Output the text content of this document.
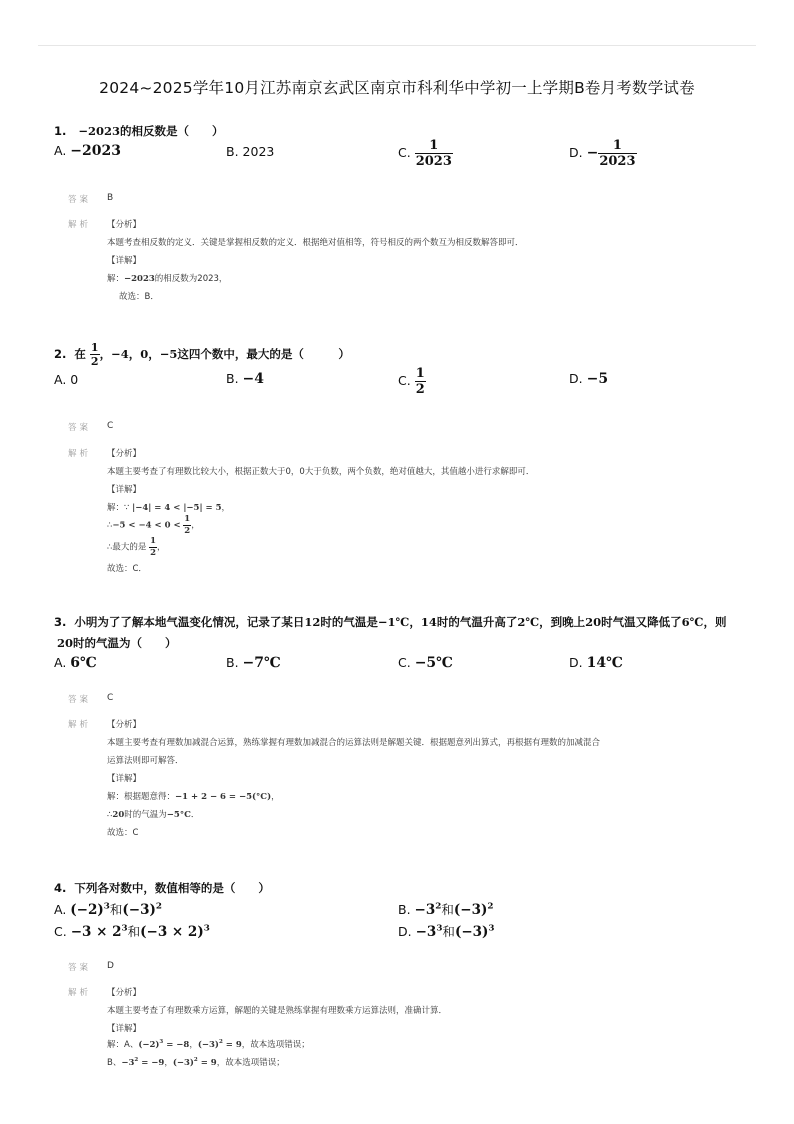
2024~2025学年10月江苏南京玄武区南京市科利华中学初一上学期B卷月考数学试卷
1. −2023的相反数是（　　）
A. −2023	B. 2023	C. $\frac{1}{2023}$	D. − $\frac{1}{2023}$
答案 B
解析 【分析】
本题考查相反数的定义．关键是掌握相反数的定义．根据绝对值相等，符号相反的两个数互为相反数解答即可．
【详解】
解：−2023的相反数为2023，
故选：B．
2. 在 $\frac{1}{2}$ ，−4，0，−5这四个数中，最大的是（　　　）
A. 0	B. −4	C. $\frac{1}{2}$	D. −5
答案 C
解析 【分析】
本题主要考查了有理数比较大小，根据正数大于0，0大于负数，两个负数，绝对值越大，其值越小进行求解即可．
【详解】
解：∵ |−4| = 4 < |−5| = 5，
∴−5 < $-4 < 0 < \frac{1}{2}$ ，
∴最大的是 $\frac{1}{2}$ ，
故选：C．
3. 小明为了了解本地气温变化情况，记录了某日12时的气温是−1℃，14时的气温升高了2℃，到晚上20时气温又降低了6℃，则
20时的气温为（　　）
A. 6℃	B. −7℃	C. −5℃	D. 14℃
答案 C
解析 【分析】
本题主要考查有理数加减混合运算，熟练掌握有理数加减混合的运算法则是解题关键．根据题意列出算式，再根据有理数的加减混合
运算法则即可解答．
【详解】
解：根据题意得：−1 + 2 − 6 = −5(°C)，
∴20时的气温为−5°C．
故选：C
4. 下列各对数中，数值相等的是（　　）
A. $(-2)^3$和$(-3)^2$	B. $-3^2$和$(-3)^2$
C. $-3 \times 2^3$和$(-3 \times 2)^3$	D. $-3^3$和$(-3)^3$
答案 D
解析 【分析】
本题主要考查了有理数乘方运算，解题的关键是熟练掌握有理数乘方运算法则，准确计算．
【详解】
解：A、$(-2)^3 = -8$，$(-3)^2 = 9$，故本选项错误；
B、$-3^2 = -9$，$(-3)^2 = 9$，故本选项错误；
